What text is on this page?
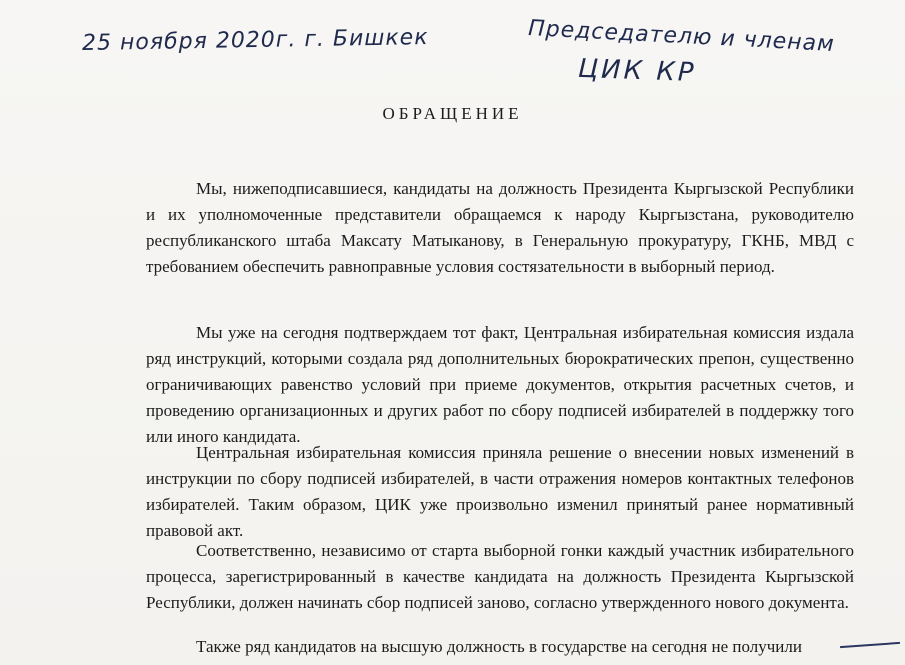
25 ноября 2020г. г. Бишкек	Председателю и членам
ЦИК КР
ОБРАЩЕНИЕ
Мы, нижеподписавшиеся, кандидаты на должность Президента Кыргызской Республики и их уполномоченные представители обращаемся к народу Кыргызстана, руководителю республиканского штаба Максату Матыканову, в Генеральную прокуратуру, ГКНБ, МВД с требованием обеспечить равноправные условия состязательности в выборный период.
Мы уже на сегодня подтверждаем тот факт, Центральная избирательная комиссия издала ряд инструкций, которыми создала ряд дополнительных бюрократических препон, существенно ограничивающих равенство условий при приеме документов, открытия расчетных счетов, и проведению организационных и других работ по сбору подписей избирателей в поддержку того или иного кандидата.
Центральная избирательная комиссия приняла решение о внесении новых изменений в инструкции по сбору подписей избирателей, в части отражения номеров контактных телефонов избирателей. Таким образом, ЦИК уже произвольно изменил принятый ранее нормативный правовой акт.
Соответственно, независимо от старта выборной гонки каждый участник избирательного процесса, зарегистрированный в качестве кандидата на должность Президента Кыргызской Республики, должен начинать сбор подписей заново, согласно утвержденного нового документа.
Также ряд кандидатов на высшую должность в государстве на сегодня не получили
